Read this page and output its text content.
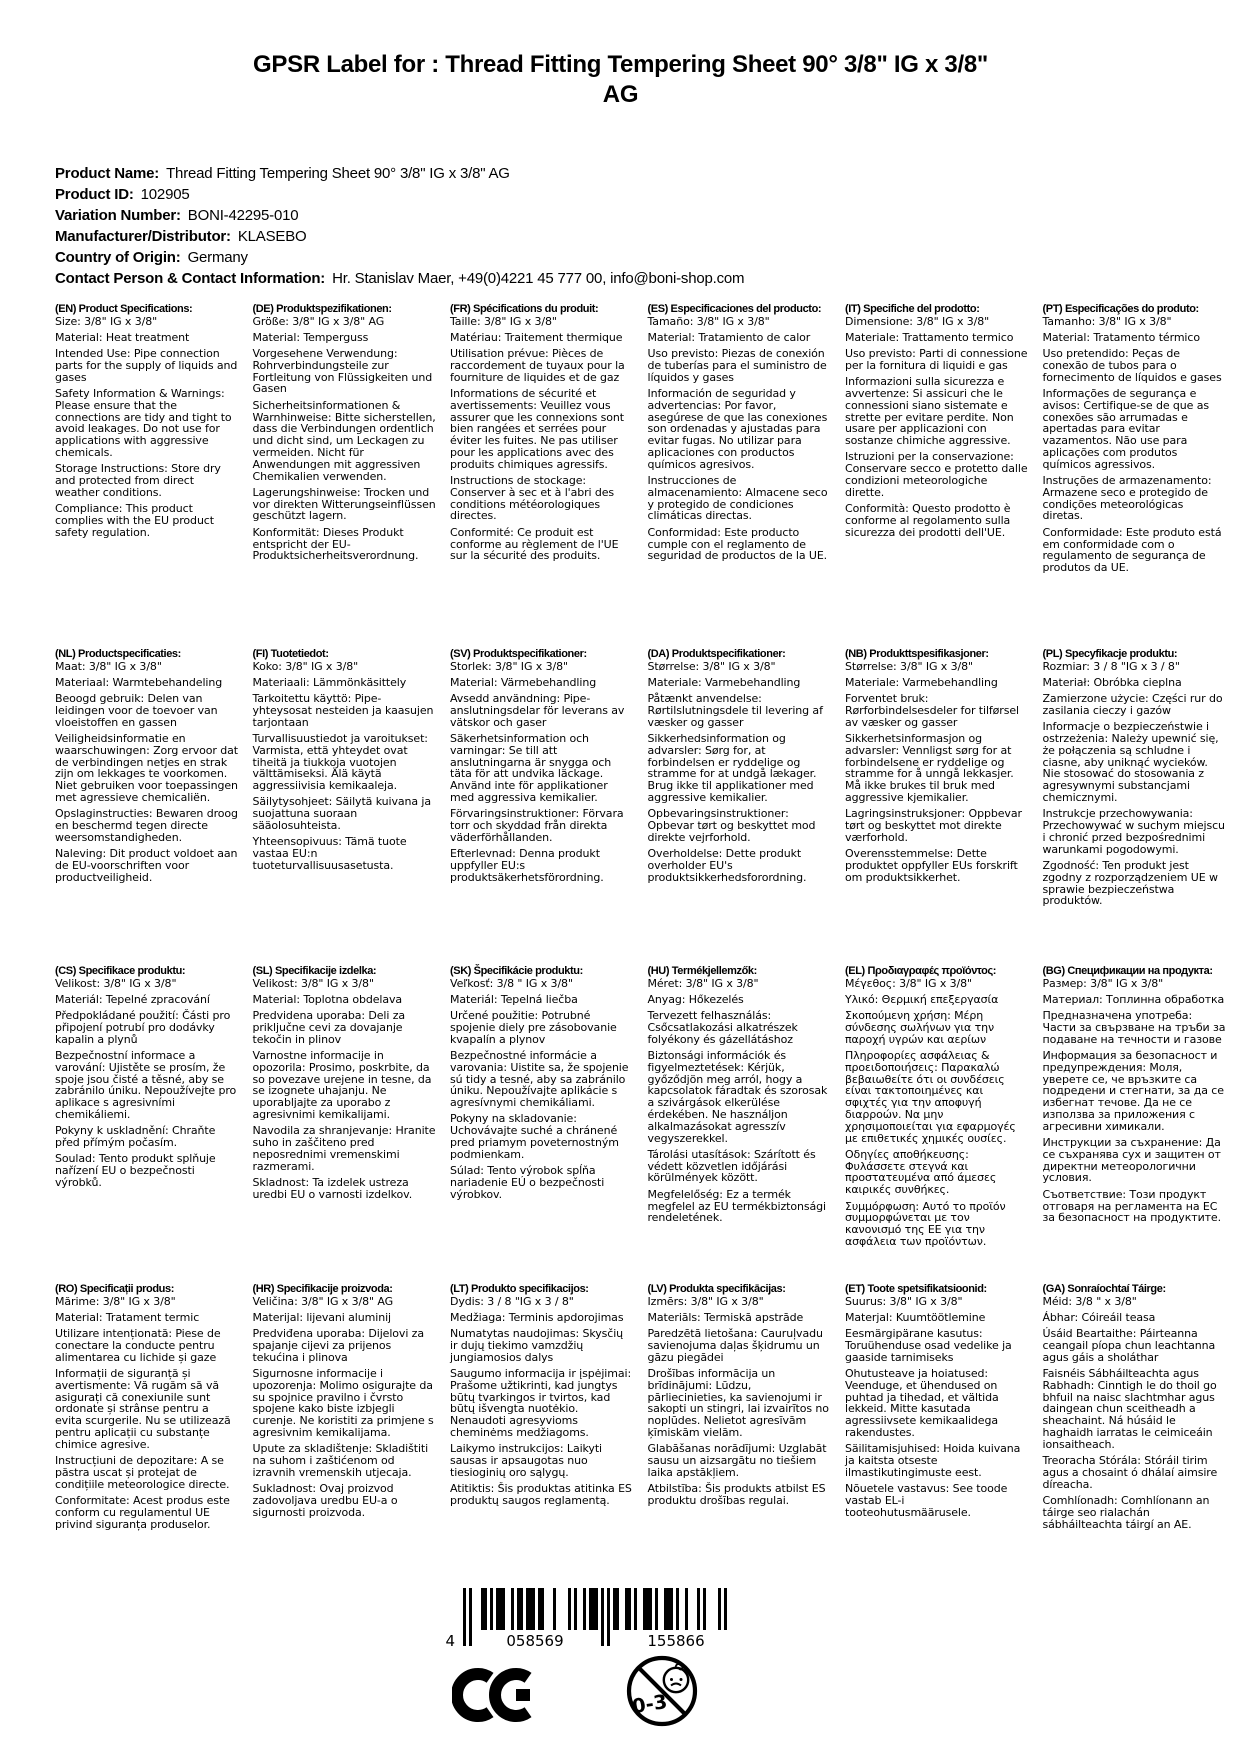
GPSR Label for : Thread Fitting Tempering Sheet 90° 3/8" IG x 3/8"
AG
Product Name: Thread Fitting Tempering Sheet 90° 3/8" IG x 3/8" AG
Product ID: 102905
Variation Number: BONI-42295-010
Manufacturer/Distributor: KLASEBO
Country of Origin: Germany
Contact Person & Contact Information: Hr. Stanislav Maer, +49(0)4221 45 777 00, info@boni-shop.com
(EN) Product Specifications:

Size: 3/8" IG x 3/8"

Material: Heat treatment

Intended Use: Pipe connection parts for the supply of liquids and gases

Safety Information & Warnings: Please ensure that the connections are tidy and tight to avoid leakages. Do not use for applications with aggressive chemicals.

Storage Instructions: Store dry and protected from direct weather conditions.

Compliance: This product complies with the EU product safety regulation.

(DE) Produktspezifikationen:

Größe: 3/8" IG x 3/8" AG

Material: Temperguss

Vorgesehene Verwendung: Rohrverbindungsteile zur Fortleitung von Flüssigkeiten und Gasen

Sicherheitsinformationen & Warnhinweise: Bitte sicherstellen, dass die Verbindungen ordentlich und dicht sind, um Leckagen zu vermeiden. Nicht für Anwendungen mit aggressiven Chemikalien verwenden.

Lagerungshinweise: Trocken und vor direkten Witterungseinflüssen geschützt lagern.

Konformität: Dieses Produkt entspricht der EU-Produktsicherheitsverordnung.

(FR) Spécifications du produit:

Taille: 3/8" IG x 3/8"

Matériau: Traitement thermique

Utilisation prévue: Pièces de raccordement de tuyaux pour la fourniture de liquides et de gaz

Informations de sécurité et avertissements: Veuillez vous assurer que les connexions sont bien rangées et serrées pour éviter les fuites. Ne pas utiliser pour les applications avec des produits chimiques agressifs.

Instructions de stockage: Conserver à sec et à l'abri des conditions météorologiques directes.

Conformité: Ce produit est conforme au règlement de l'UE sur la sécurité des produits.

(ES) Especificaciones del producto:

Tamaño: 3/8" IG x 3/8"

Material: Tratamiento de calor

Uso previsto: Piezas de conexión de tuberías para el suministro de líquidos y gases

Información de seguridad y advertencias: Por favor, asegúrese de que las conexiones son ordenadas y ajustadas para evitar fugas. No utilizar para aplicaciones con productos químicos agresivos.

Instrucciones de almacenamiento: Almacene seco y protegido de condiciones climáticas directas.

Conformidad: Este producto cumple con el reglamento de seguridad de productos de la UE.

(IT) Specifiche del prodotto:

Dimensione: 3/8" IG x 3/8"

Materiale: Trattamento termico

Uso previsto: Parti di connessione per la fornitura di liquidi e gas

Informazioni sulla sicurezza e avvertenze: Si assicuri che le connessioni siano sistemate e strette per evitare perdite. Non usare per applicazioni con sostanze chimiche aggressive.

Istruzioni per la conservazione: Conservare secco e protetto dalle condizioni meteorologiche dirette.

Conformità: Questo prodotto è conforme al regolamento sulla sicurezza dei prodotti dell'UE.

(PT) Especificações do produto:

Tamanho: 3/8" IG x 3/8"

Material: Tratamento térmico

Uso pretendido: Peças de conexão de tubos para o fornecimento de líquidos e gases

Informações de segurança e avisos: Certifique-se de que as conexões são arrumadas e apertadas para evitar vazamentos. Não use para aplicações com produtos químicos agressivos.

Instruções de armazenamento: Armazene seco e protegido de condições meteorológicas diretas.

Conformidade: Este produto está em conformidade com o regulamento de segurança de produtos da UE.

(NL) Productspecificaties:

Maat: 3/8" IG x 3/8"

Materiaal: Warmtebehandeling

Beoogd gebruik: Delen van leidingen voor de toevoer van vloeistoffen en gassen

Veiligheidsinformatie en waarschuwingen: Zorg ervoor dat de verbindingen netjes en strak zijn om lekkages te voorkomen. Niet gebruiken voor toepassingen met agressieve chemicaliën.

Opslaginstructies: Bewaren droog en beschermd tegen directe weersomstandigheden.

Naleving: Dit product voldoet aan de EU-voorschriften voor productveiligheid.

(FI) Tuotetiedot:

Koko: 3/8" IG x 3/8"

Materiaali: Lämmönkäsittely

Tarkoitettu käyttö: Pipe-yhteysosat nesteiden ja kaasujen tarjontaan

Turvallisuustiedot ja varoitukset: Varmista, että yhteydet ovat tiheitä ja tiukkoja vuotojen välttämiseksi. Älä käytä aggressiivisia kemikaaleja.

Säilytysohjeet: Säilytä kuivana ja suojattuna suoraan sääolosuhteista.

Yhteensopivuus: Tämä tuote vastaa EU:n tuoteturvallisuusasetusta.

(SV) Produktspecifikationer:

Storlek: 3/8" IG x 3/8"

Material: Värmebehandling

Avsedd användning: Pipe-anslutningsdelar för leverans av vätskor och gaser

Säkerhetsinformation och varningar: Se till att anslutningarna är snygga och täta för att undvika läckage. Använd inte för applikationer med aggressiva kemikalier.

Förvaringsinstruktioner: Förvara torr och skyddad från direkta väderförhållanden.

Efterlevnad: Denna produkt uppfyller EU:s produktsäkerhetsförordning.

(DA) Produktspecifikationer:

Størrelse: 3/8" IG x 3/8"

Materiale: Varmebehandling

Påtænkt anvendelse: Rørtilslutningsdele til levering af væsker og gasser

Sikkerhedsinformation og advarsler: Sørg for, at forbindelsen er ryddelige og stramme for at undgå lækager. Brug ikke til applikationer med aggressive kemikalier.

Opbevaringsinstruktioner: Opbevar tørt og beskyttet mod direkte vejrforhold.

Overholdelse: Dette produkt overholder EU's produktsikkerhedsforordning.

(NB) Produkttspesifikasjoner:

Størrelse: 3/8" IG x 3/8"

Materiale: Varmebehandling

Forventet bruk: Rørforbindelsesdeler for tilførsel av væsker og gasser

Sikkerhetsinformasjon og advarsler: Vennligst sørg for at forbindelsene er ryddelige og stramme for å unngå lekkasjer. Må ikke brukes til bruk med aggressive kjemikalier.

Lagringsinstruksjoner: Oppbevar tørt og beskyttet mot direkte værforhold.

Overensstemmelse: Dette produktet oppfyller EUs forskrift om produktsikkerhet.

(PL) Specyfikacje produktu:

Rozmiar: 3 / 8 "IG x 3 / 8"

Materiał: Obróbka cieplna

Zamierzone użycie: Części rur do zasilania cieczy i gazów

Informacje o bezpieczeństwie i ostrzeżenia: Należy upewnić się, że połączenia są schludne i ciasne, aby uniknąć wycieków. Nie stosować do stosowania z agresywnymi substancjami chemicznymi.

Instrukcje przechowywania: Przechowywać w suchym miejscu i chronić przed bezpośrednimi warunkami pogodowymi.

Zgodność: Ten produkt jest zgodny z rozporządzeniem UE w sprawie bezpieczeństwa produktów.

(CS) Specifikace produktu:

Velikost: 3/8" IG x 3/8"

Materiál: Tepelné zpracování

Předpokládané použití: Části pro připojení potrubí pro dodávky kapalin a plynů

Bezpečnostní informace a varování: Ujistěte se prosím, že spoje jsou čisté a těsné, aby se zabránilo úniku. Nepoužívejte pro aplikace s agresivními chemikáliemi.

Pokyny k uskladnění: Chraňte před přímým počasím.

Soulad: Tento produkt splňuje nařízení EU o bezpečnosti výrobků.

(SL) Specifikacije izdelka:

Velikost: 3/8" IG x 3/8"

Material: Toplotna obdelava

Predvidena uporaba: Deli za priključne cevi za dovajanje tekočin in plinov

Varnostne informacije in opozorila: Prosimo, poskrbite, da so povezave urejene in tesne, da se izognete uhajanju. Ne uporabljajte za uporabo z agresivnimi kemikalijami.

Navodila za shranjevanje: Hranite suho in zaščiteno pred neposrednimi vremenskimi razmerami.

Skladnost: Ta izdelek ustreza uredbi EU o varnosti izdelkov.

(SK) Špecifikácie produktu:

Veľkosť: 3/8 " IG x 3/8"

Materiál: Tepelná liečba

Určené použitie: Potrubné spojenie diely pre zásobovanie kvapalín a plynov

Bezpečnostné informácie a varovania: Uistite sa, že spojenie sú tidy a tesné, aby sa zabránilo úniku. Nepoužívajte aplikácie s agresívnymi chemikáliami.

Pokyny na skladovanie: Uchovávajte suché a chránené pred priamym poveternostným podmienkam.

Súlad: Tento výrobok spĺňa nariadenie EÚ o bezpečnosti výrobkov.

(HU) Termékjellemzők:

Méret: 3/8" IG x 3/8"

Anyag: Hőkezelés

Tervezett felhasználás: Csőcsatlakozási alkatrészek folyékony és gázellátáshoz

Biztonsági információk és figyelmeztetések: Kérjük, győződjön meg arról, hogy a kapcsolatok fáradtak és szorosak a szivárgások elkerülése érdekében. Ne használjon alkalmazásokat agresszív vegyszerekkel.

Tárolási utasítások: Szárított és védett közvetlen időjárási körülmények között.

Megfelelőség: Ez a termék megfelel az EU termékbiztonsági rendeletének.

(EL) Προδιαγραφές προϊόντος:

Μέγεθος: 3/8" IG x 3/8"

Υλικό: Θερμική επεξεργασία

Σκοπούμενη χρήση: Μέρη σύνδεσης σωλήνων για την παροχή υγρών και αερίων

Πληροφορίες ασφάλειας & προειδοποιήσεις: Παρακαλώ βεβαιωθείτε ότι οι συνδέσεις είναι τακτοποιημένες και σφιχτές για την αποφυγή διαρροών. Να μην χρησιμοποιείται για εφαρμογές με επιθετικές χημικές ουσίες.

Οδηγίες αποθήκευσης: Φυλάσσετε στεγνά και προστατευμένα από άμεσες καιρικές συνθήκες.

Συμμόρφωση: Αυτό το προϊόν συμμορφώνεται με τον κανονισμό της ΕΕ για την ασφάλεια των προϊόντων.

(BG) Спецификации на продукта:

Размер: 3/8" IG x 3/8"

Материал: Топлинна обработка

Предназначена употреба: Части за свързване на тръби за подаване на течности и газове

Информация за безопасност и предупреждения: Моля, уверете се, че връзките са подредени и стегнати, за да се избегнат течове. Да не се използва за приложения с агресивни химикали.

Инструкции за съхранение: Да се съхранява сух и защитен от директни метеорологични условия.

Съответствие: Този продукт отговаря на регламента на ЕС за безопасност на продуктите.

(RO) Specificații produs:

Mărime: 3/8" IG x 3/8"

Material: Tratament termic

Utilizare intenționată: Piese de conectare la conducte pentru alimentarea cu lichide și gaze

Informații de siguranță și avertismente: Vă rugăm să vă asigurați că conexiunile sunt ordonate și strânse pentru a evita scurgerile. Nu se utilizează pentru aplicații cu substanțe chimice agresive.

Instrucțiuni de depozitare: A se păstra uscat și protejat de condițiile meteorologice directe.

Conformitate: Acest produs este conform cu regulamentul UE privind siguranța produselor.

(HR) Specifikacije proizvoda:

Veličina: 3/8" IG x 3/8" AG

Materijal: lijevani aluminij

Predviđena uporaba: Dijelovi za spajanje cijevi za prijenos tekućina i plinova

Sigurnosne informacije i upozorenja: Molimo osigurajte da su spojnice pravilno i čvrsto spojene kako biste izbjegli curenje. Ne koristiti za primjene s agresivnim kemikalijama.

Upute za skladištenje: Skladištiti na suhom i zaštićenom od izravnih vremenskih utjecaja.

Sukladnost: Ovaj proizvod zadovoljava uredbu EU-a o sigurnosti proizvoda.

(LT) Produkto specifikacijos:

Dydis: 3 / 8 "IG x 3 / 8"

Medžiaga: Terminis apdorojimas

Numatytas naudojimas: Skysčių ir dujų tiekimo vamzdžių jungiamosios dalys

Saugumo informacija ir įspėjimai: Prašome užtikrinti, kad jungtys būtų tvarkingos ir tvirtos, kad būtų išvengta nuotėkio. Nenaudoti agresyvioms cheminėms medžiagoms.

Laikymo instrukcijos: Laikyti sausas ir apsaugotas nuo tiesioginių oro sąlygų.

Atitiktis: Šis produktas atitinka ES produktų saugos reglamentą.

(LV) Produkta specifikācijas:

Izmērs: 3/8" IG x 3/8"

Materiāls: Termiskā apstrāde

Paredzētā lietošana: Cauruļvadu savienojuma daļas šķidrumu un gāzu piegādei

Drošības informācija un brīdinājumi: Lūdzu, pārliecinieties, ka savienojumi ir sakopti un stingri, lai izvairītos no noplūdes. Nelietot agresīvām ķīmiskām vielām.

Glabāšanas norādījumi: Uzglabāt sausu un aizsargātu no tiešiem laika apstākļiem.

Atbilstība: Šis produkts atbilst ES produktu drošības regulai.

(ET) Toote spetsifikatsioonid:

Suurus: 3/8" IG x 3/8"

Materjal: Kuumtöötlemine

Eesmärgipärane kasutus: Toruühenduse osad vedelike ja gaaside tarnimiseks

Ohutusteave ja hoiatused: Veenduge, et ühendused on puhtad ja tihedad, et vältida lekkeid. Mitte kasutada agressiivsete kemikaalidega rakendustes.

Säilitamisjuhised: Hoida kuivana ja kaitsta otseste ilmastikutingimuste eest.

Nõuetele vastavus: See toode vastab EL-i tooteohutusmäärusele.

(GA) Sonraíochtaí Táirge:

Méid: 3/8 " x 3/8"

Ábhar: Cóireáil teasa

Úsáid Beartaithe: Páirteanna ceangail píopa chun leachtanna agus gáis a sholáthar

Faisnéis Sábháilteachta agus Rabhadh: Cinntigh le do thoil go bhfuil na naisc slachtmhar agus daingean chun sceitheadh a sheachaint. Ná húsáid le haghaidh iarratas le ceimiceáin ionsaitheach.

Treoracha Stórála: Stóráil tirim agus a chosaint ó dhálaí aimsire díreacha.

Comhlíonadh: Comhlíonann an táirge seo rialachán sábháilteachta táirgí an AE.

4	058569	155866
0-3
